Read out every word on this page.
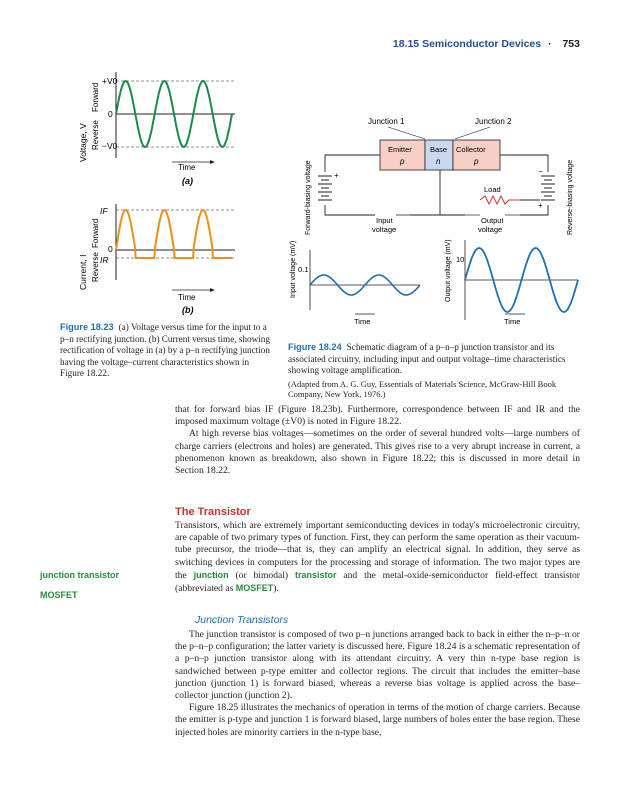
18.15 Semiconductor Devices · 753
Voltage, V Reverse
Forward
+V0
0
−V0
Time
(a)
Current, I Reverse
Forward
IF
0
IR
Time
(b)
Figure 18.23 (a) Voltage versus time for the input to a p–n rectifying junction. (b) Current versus time, showing rectification of voltage in (a) by a p–n rectifying junction having the voltage–current characteristics shown in Figure 18.22.
Junction 1	Junction 2
Emitter
p
Base
n
Collector
p
+	−
+
Load
Forward-biasing voltage	Reverse-biasing voltage
Input
voltage
Output
voltage
Input voltage (mV) 0.1
Time
Output voltage (mV) 10
Time
Figure 18.24 Schematic diagram of a p–n–p junction transistor and its associated circuitry, including input and output voltage–time characteristics showing voltage amplification.
(Adapted from A. G. Guy, Essentials of Materials Science, McGraw-Hill Book Company, New York, 1976.)

that for forward bias IF (Figure 18.23b). Furthermore, correspondence between IF and IR and the imposed maximum voltage (±V0) is noted in Figure 18.22.

At high reverse bias voltages—sometimes on the order of several hundred volts—large numbers of charge carriers (electrons and holes) are generated. This gives rise to a very abrupt increase in current, a phenomenon known as breakdown, also shown in Figure 18.22; this is discussed in more detail in Section 18.22.

The Transistor

Transistors, which are extremely important semiconducting devices in today's microelectronic circuitry, are capable of two primary types of function. First, they can perform the same operation as their vacuum-tube precursor, the triode—that is, they can amplify an electrical signal. In addition, they serve as switching devices in computers for the processing and storage of information. The two major types are the junction (or bimodal) transistor and the metal-oxide-semiconductor field-effect transistor (abbreviated as MOSFET).

junction transistor
MOSFET
Junction Transistors

The junction transistor is composed of two p–n junctions arranged back to back in either the n–p–n or the p–n–p configuration; the latter variety is discussed here. Figure 18.24 is a schematic representation of a p–n–p junction transistor along with its attendant circuitry. A very thin n-type base region is sandwiched between p-type emitter and collector regions. The circuit that includes the emitter–base junction (junction 1) is forward biased, whereas a reverse bias voltage is applied across the base–collector junction (junction 2).

Figure 18.25 illustrates the mechanics of operation in terms of the motion of charge carriers. Because the emitter is p-type and junction 1 is forward biased, large numbers of holes enter the base region. These injected holes are minority carriers in the n-type base,
